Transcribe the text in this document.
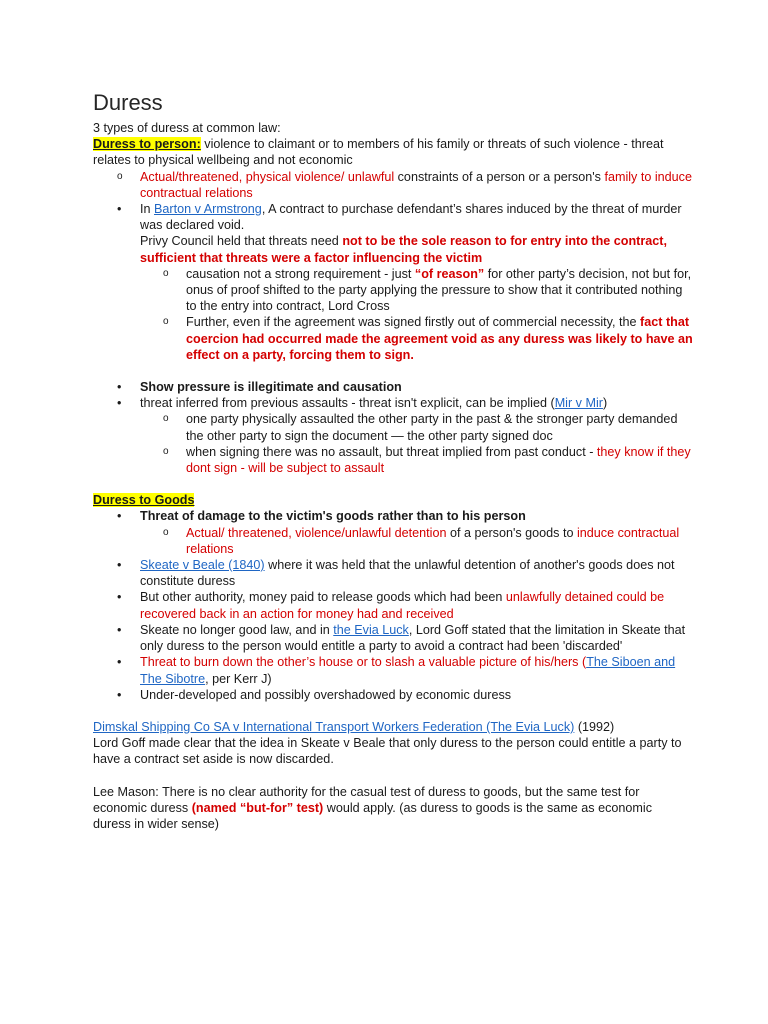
Duress

3 types of duress at common law:

Duress to person: violence to claimant or to members of his family or threats of such violence - threat relates to physical wellbeing and not economic

o Actual/threatened, physical violence/ unlawful constraints of a person or a person's family to induce contractual relations
• In Barton v Armstrong, A contract to purchase defendant’s shares induced by the threat of murder was declared void.
Privy Council held that threats need not to be the sole reason to for entry into the contract, sufficient that threats were a factor influencing the victim
o causation not a strong requirement - just “of reason” for other party’s decision, not but for, onus of proof shifted to the party applying the pressure to show that it contributed nothing to the entry into contract, Lord Cross
o Further, even if the agreement was signed firstly out of commercial necessity, the fact that coercion had occurred made the agreement void as any duress was likely to have an effect on a party, forcing them to sign.
• Show pressure is illegitimate and causation
• threat inferred from previous assaults - threat isn't explicit, can be implied (Mir v Mir)
o one party physically assaulted the other party in the past & the stronger party demanded the other party to sign the document — the other party signed doc
o when signing there was no assault, but threat implied from past conduct - they know if they dont sign - will be subject to assault

Duress to Goods

• Threat of damage to the victim's goods rather than to his person
o Actual/ threatened, violence/unlawful detention of a person's goods to induce contractual relations
• Skeate v Beale (1840) where it was held that the unlawful detention of another's goods does not constitute duress
• But other authority, money paid to release goods which had been unlawfully detained could be recovered back in an action for money had and received
• Skeate no longer good law, and in the Evia Luck, Lord Goff stated that the limitation in Skeate that only duress to the person would entitle a party to avoid a contract had been 'discarded'
• Threat to burn down the other’s house or to slash a valuable picture of his/hers (The Siboen and The Sibotre, per Kerr J)
• Under-developed and possibly overshadowed by economic duress

Dimskal Shipping Co SA v International Transport Workers Federation (The Evia Luck) (1992)
Lord Goff made clear that the idea in Skeate v Beale that only duress to the person could entitle a party to have a contract set aside is now discarded.

Lee Mason: There is no clear authority for the casual test of duress to goods, but the same test for economic duress (named “but-for” test) would apply. (as duress to goods is the same as economic duress in wider sense)
